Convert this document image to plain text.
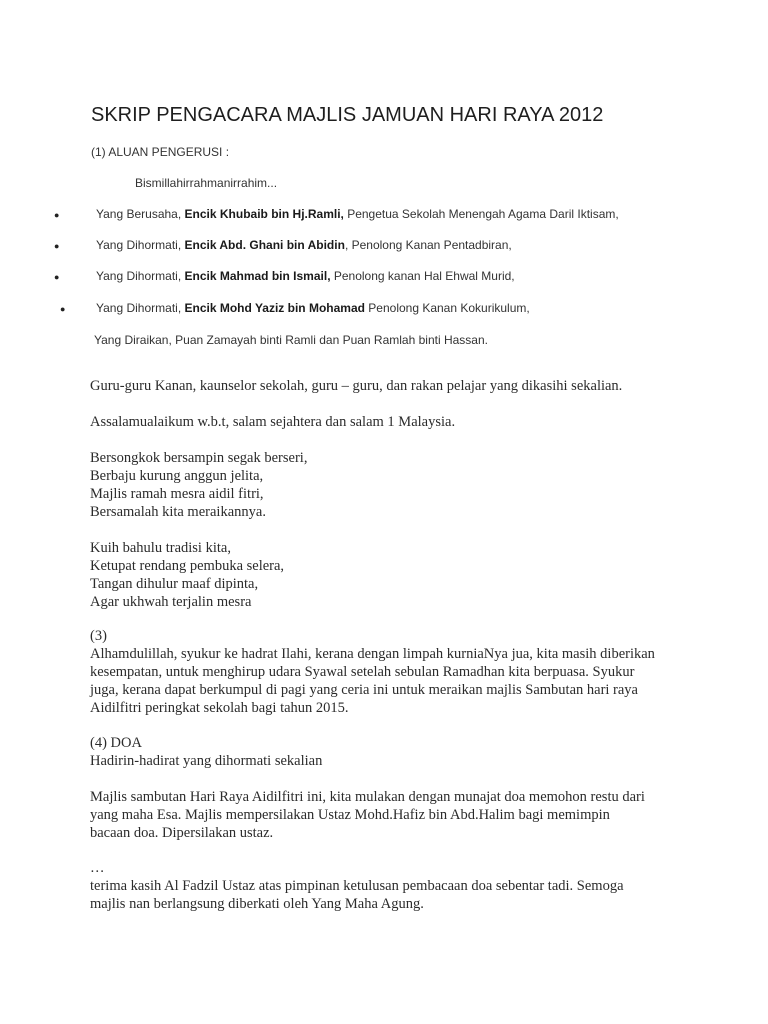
SKRIP PENGACARA MAJLIS JAMUAN HARI RAYA 2012
(1) ALUAN PENGERUSI :
Bismillahirrahmanirrahim...
●	Yang Berusaha, Encik Khubaib bin Hj.Ramli, Pengetua Sekolah Menengah Agama Daril Iktisam,
●	Yang Dihormati, Encik Abd. Ghani bin Abidin, Penolong Kanan Pentadbiran,
●	Yang Dihormati, Encik Mahmad bin Ismail, Penolong kanan Hal Ehwal Murid,
●	Yang Dihormati, Encik Mohd Yaziz bin Mohamad Penolong Kanan Kokurikulum,
Yang Diraikan, Puan Zamayah binti Ramli dan Puan Ramlah binti Hassan.
Guru-guru Kanan, kaunselor sekolah, guru – guru, dan rakan pelajar yang dikasihi sekalian.
Assalamualaikum w.b.t, salam sejahtera dan salam 1 Malaysia.
Bersongkok bersampin segak berseri,
Berbaju kurung anggun jelita,
Majlis ramah mesra aidil fitri,
Bersamalah kita meraikannya.
Kuih bahulu tradisi kita,
Ketupat rendang pembuka selera,
Tangan dihulur maaf dipinta,
Agar ukhwah terjalin mesra
(3)
Alhamdulillah, syukur ke hadrat Ilahi, kerana dengan limpah kurniaNya jua, kita masih diberikan
kesempatan, untuk menghirup udara Syawal setelah sebulan Ramadhan kita berpuasa. Syukur
juga, kerana dapat berkumpul di pagi yang ceria ini untuk meraikan majlis Sambutan hari raya
Aidilfitri peringkat sekolah bagi tahun 2015.
(4) DOA
Hadirin-hadirat yang dihormati sekalian
Majlis sambutan Hari Raya Aidilfitri ini, kita mulakan dengan munajat doa memohon restu dari
yang maha Esa. Majlis mempersilakan Ustaz Mohd.Hafiz bin Abd.Halim bagi memimpin
bacaan doa. Dipersilakan ustaz.
…
terima kasih Al Fadzil Ustaz atas pimpinan ketulusan pembacaan doa sebentar tadi. Semoga
majlis nan berlangsung diberkati oleh Yang Maha Agung.
